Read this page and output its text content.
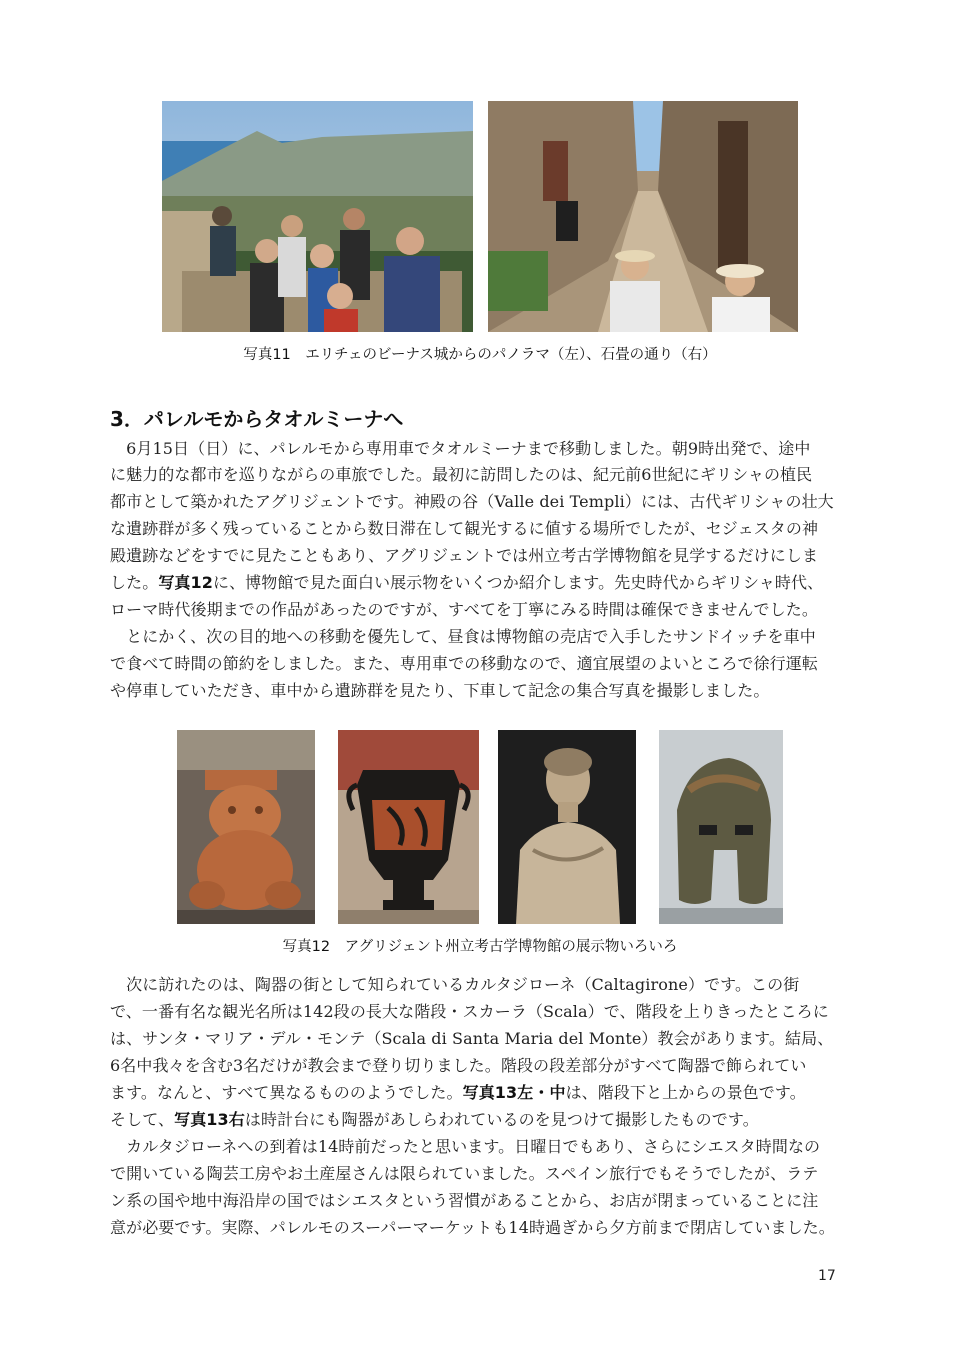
写真11　エリチェのビーナス城からのパノラマ（左）、石畳の通り（右）
3．パレルモからタオルミーナへ
　6月15日（日）に、パレルモから専用車でタオルミーナまで移動しました。朝9時出発で、途中
に魅力的な都市を巡りながらの車旅でした。最初に訪問したのは、紀元前6世紀にギリシャの植民
都市として築かれたアグリジェントです。神殿の谷（Valle dei Templi）には、古代ギリシャの壮大
な遺跡群が多く残っていることから数日滞在して観光するに値する場所でしたが、セジェスタの神
殿遺跡などをすでに見たこともあり、アグリジェントでは州立考古学博物館を見学するだけにしま
した。写真12に、博物館で見た面白い展示物をいくつか紹介します。先史時代からギリシャ時代、
ローマ時代後期までの作品があったのですが、すべてを丁寧にみる時間は確保できませんでした。
　とにかく、次の目的地への移動を優先して、昼食は博物館の売店で入手したサンドイッチを車中
で食べて時間の節約をしました。また、専用車での移動なので、適宜展望のよいところで徐行運転
や停車していただき、車中から遺跡群を見たり、下車して記念の集合写真を撮影しました。
写真12　アグリジェント州立考古学博物館の展示物いろいろ
　次に訪れたのは、陶器の街として知られているカルタジローネ（Caltagirone）です。この街
で、一番有名な観光名所は142段の長大な階段・スカーラ（Scala）で、階段を上りきったところに
は、サンタ・マリア・デル・モンテ（Scala di Santa Maria del Monte）教会があります。結局、
6名中我々を含む3名だけが教会まで登り切りました。階段の段差部分がすべて陶器で飾られてい
ます。なんと、すべて異なるもののようでした。写真13左・中は、階段下と上からの景色です。
そして、写真13右は時計台にも陶器があしらわれているのを見つけて撮影したものです。
　カルタジローネへの到着は14時前だったと思います。日曜日でもあり、さらにシエスタ時間なの
で開いている陶芸工房やお土産屋さんは限られていました。スペイン旅行でもそうでしたが、ラテ
ン系の国や地中海沿岸の国ではシエスタという習慣があることから、お店が閉まっていることに注
意が必要です。実際、パレルモのスーパーマーケットも14時過ぎから夕方前まで閉店していました。
17
